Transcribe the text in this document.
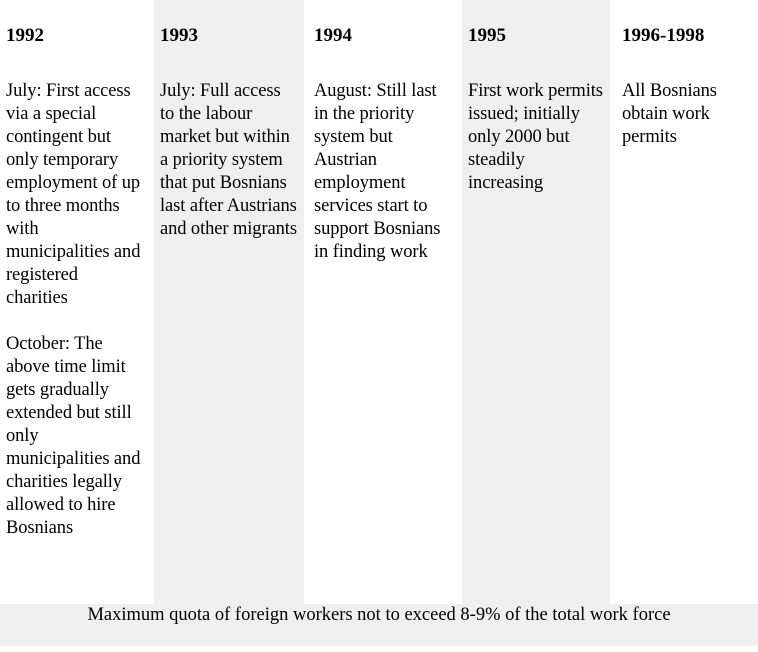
1992

July: First access via a special contingent but only temporary employment of up to three months with municipalities and registered charities

October: The above time limit gets gradually extended but still only municipalities and charities legally allowed to hire Bosnians

1993

July: Full access to the labour market but within a priority system that put Bosnians last after Austrians and other migrants

1994

August: Still last in the priority system but Austrian employment services start to support Bosnians in finding work

1995

First work permits issued; initially only 2000 but steadily increasing

1996-1998

All Bosnians obtain work permits

Maximum quota of foreign workers not to exceed 8-9% of the total work force
